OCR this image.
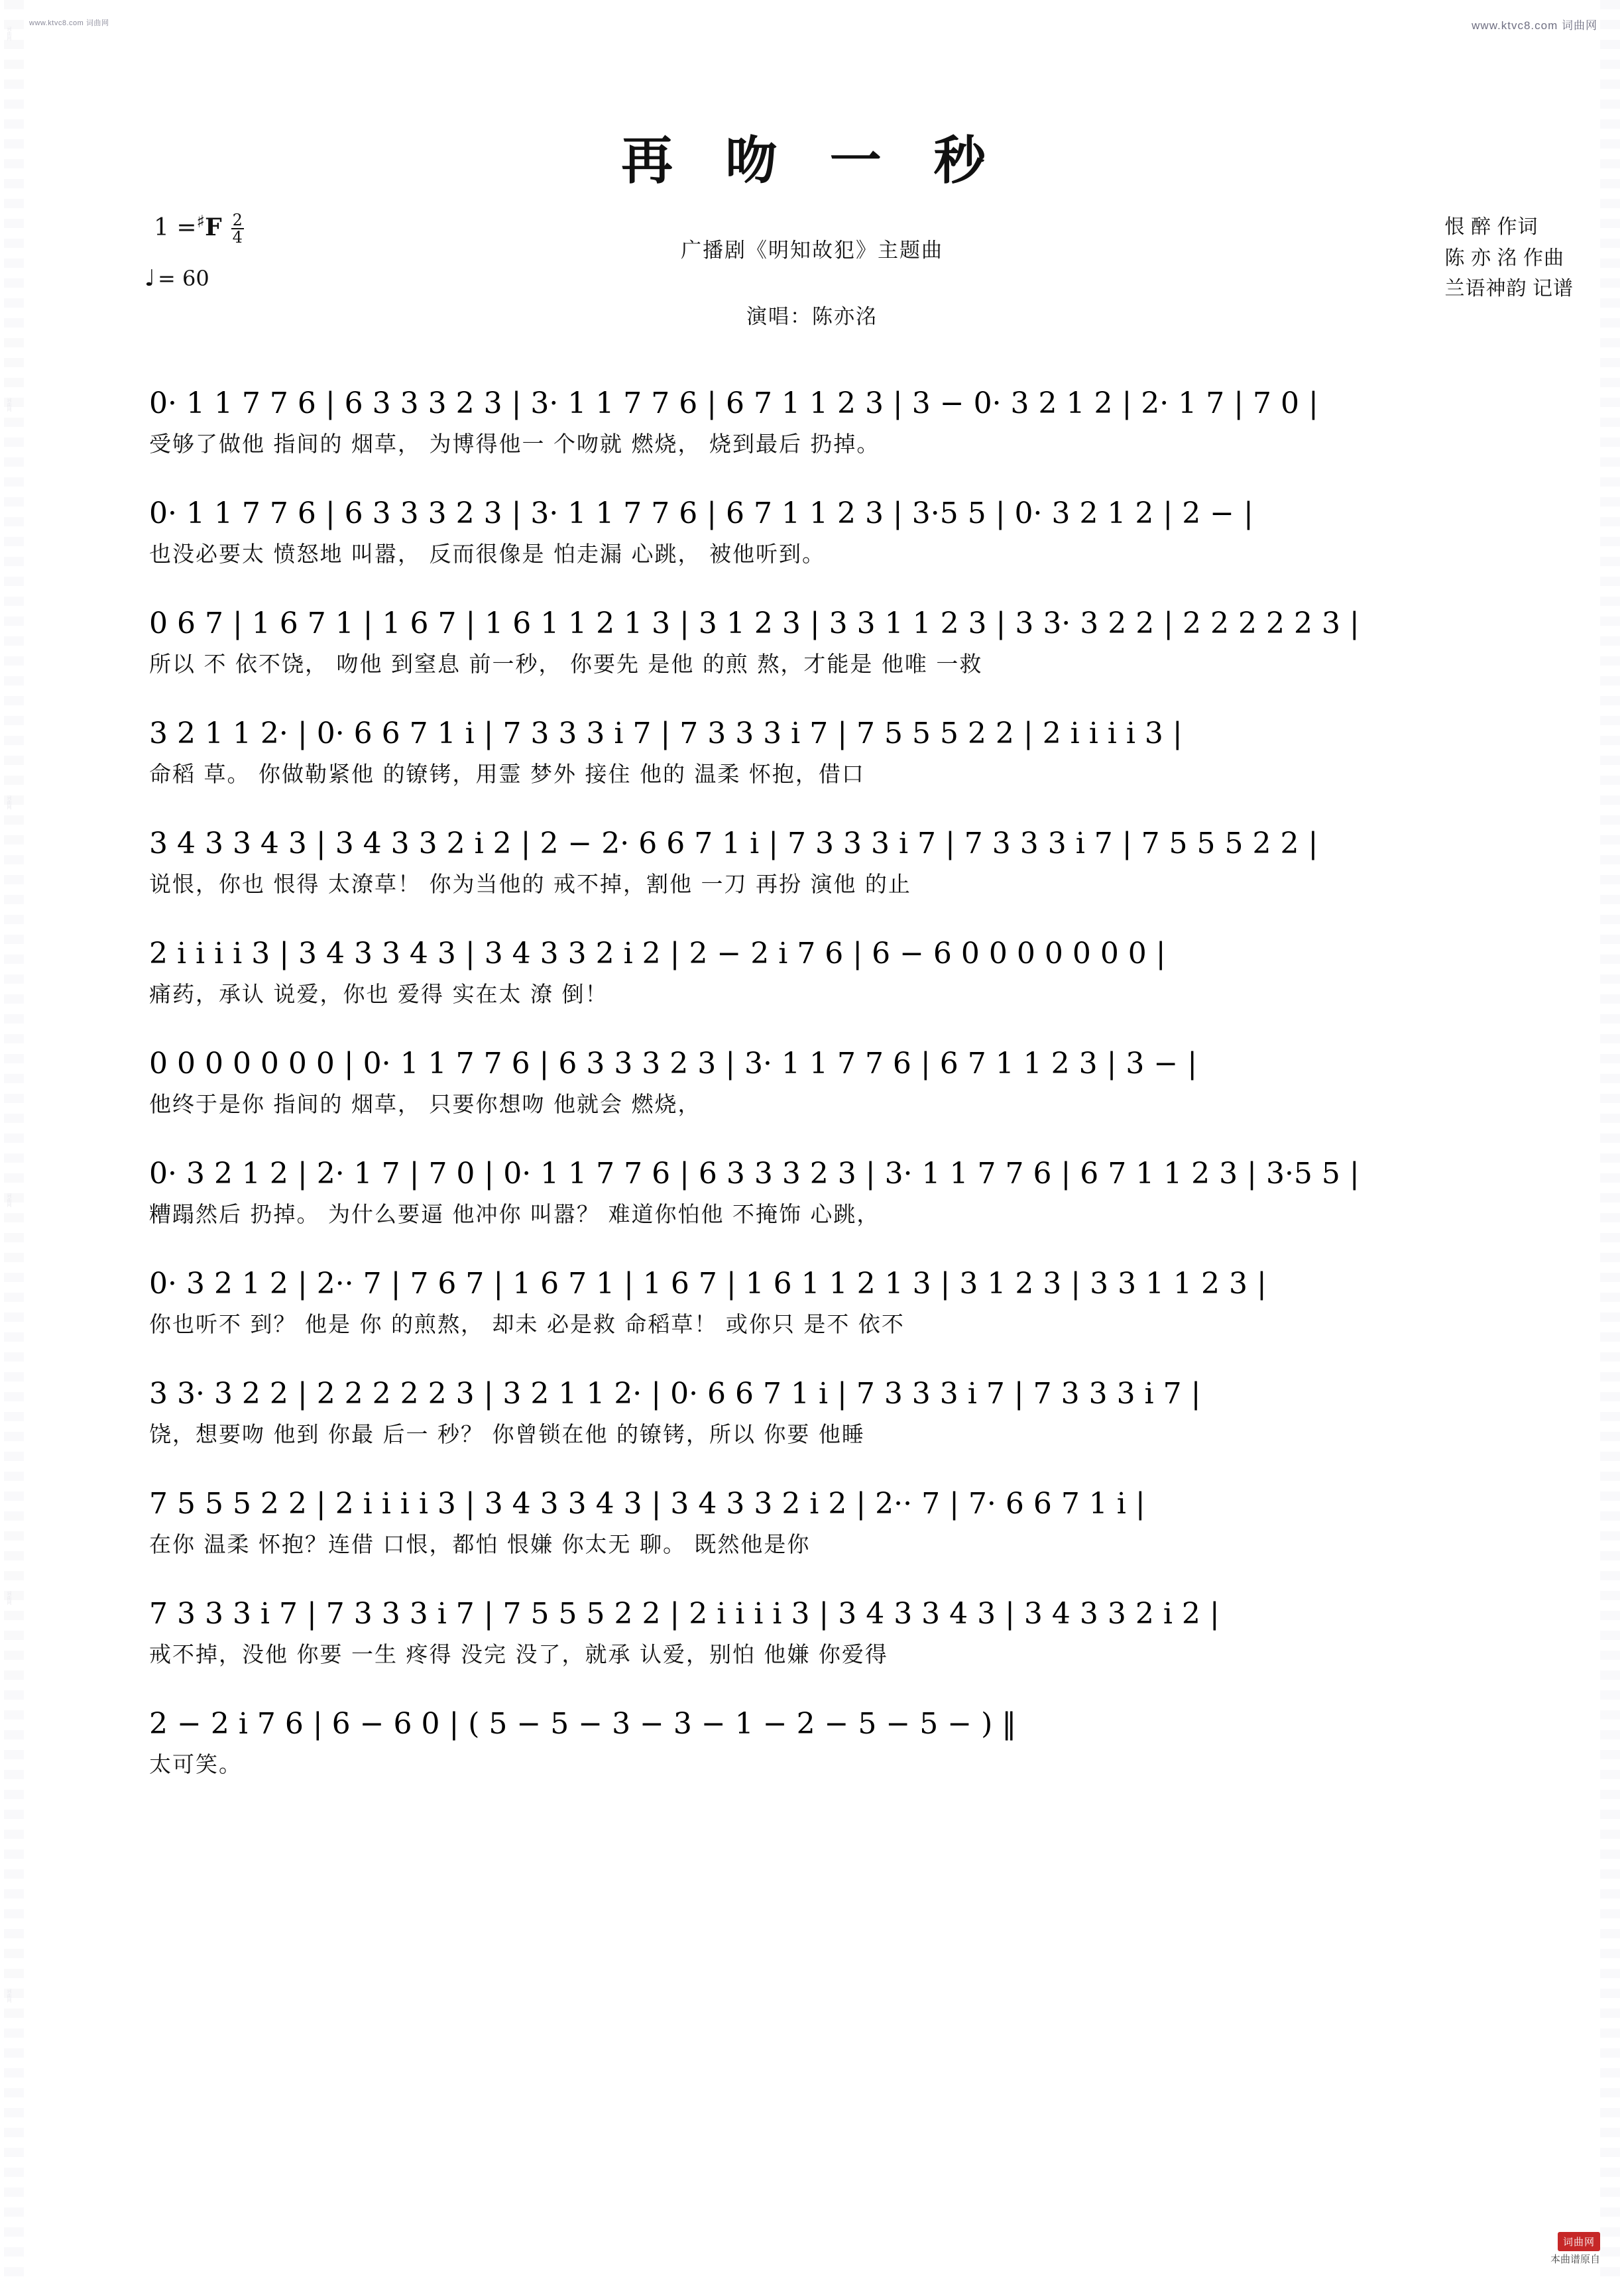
词曲网
词曲网
词曲网
词曲网
词曲网
词曲网
www.ktvc8.com 词曲网	www.ktvc8.com 词曲网
再 吻 一 秒
广播剧《明知故犯》主题曲
演唱：陈亦洺
1 = ♯ F $\frac{2}{4}$
♩ = 60
恨 醉 作词
陈 亦 洺 作曲
兰语神韵 记谱
0· 1 1 7 7 6 | 6 3 3 3 2 3 | 3· 1 1 7 7 6 | 6 7 1 1 2 3 | 3 − 0· 3 2 1 2 | 2· 1 7 | 7 0 |
受够了做他 指间的 烟草， 为博得他一 个吻就 燃烧， 烧到最后 扔掉。
0· 1 1 7 7 6 | 6 3 3 3 2 3 | 3· 1 1 7 7 6 | 6 7 1 1 2 3 | 3·5 5 | 0· 3 2 1 2 | 2 − |
也没必要太 愤怒地 叫嚣， 反而很像是 怕走漏 心跳， 被他听到。
0 6 7 | 1 6 7 1 | 1 6 7 | 1 6 1 1 2 1 3 | 3 1 2 3 | 3 3 1 1 2 3 | 3 3· 3 2 2 | 2 2 2 2 2 3 |
所以 不 依不饶， 吻他 到窒息 前一秒， 你要先 是他 的煎 熬，才能是 他唯 一救
3 2 1 1 2· | 0· 6 6 7 1 i | 7 3 3 3 i 7 | 7 3 3 3 i 7 | 7 5 5 5 2 2 | 2 i i i i 3 |
命稻 草。 你做勒紧他 的镣铐，用霊 梦外 接住 他的 温柔 怀抱，借口
3 4 3 3 4 3 | 3 4 3 3 2 i 2 | 2 − 2· 6 6 7 1 i | 7 3 3 3 i 7 | 7 3 3 3 i 7 | 7 5 5 5 2 2 |
说恨，你也 恨得 太潦草！ 你为当他的 戒不掉，割他 一刀 再扮 演他 的止
2 i i i i 3 | 3 4 3 3 4 3 | 3 4 3 3 2 i 2 | 2 − 2 i 7 6 | 6 − 6 0 0 0 0 0 0 0 |
痛药，承认 说爱，你也 爱得 实在太 潦 倒！
0 0 0 0 0 0 0 | 0· 1 1 7 7 6 | 6 3 3 3 2 3 | 3· 1 1 7 7 6 | 6 7 1 1 2 3 | 3 − |
他终于是你 指间的 烟草， 只要你想吻 他就会 燃烧，
0· 3 2 1 2 | 2· 1 7 | 7 0 | 0· 1 1 7 7 6 | 6 3 3 3 2 3 | 3· 1 1 7 7 6 | 6 7 1 1 2 3 | 3·5 5 |
糟蹋然后 扔掉。 为什么要逼 他冲你 叫嚣？ 难道你怕他 不掩饰 心跳，
0· 3 2 1 2 | 2·· 7 | 7 6 7 | 1 6 7 1 | 1 6 7 | 1 6 1 1 2 1 3 | 3 1 2 3 | 3 3 1 1 2 3 |
你也听不 到？ 他是 你 的煎熬， 却未 必是救 命稻草！ 或你只 是不 依不
3 3· 3 2 2 | 2 2 2 2 2 3 | 3 2 1 1 2· | 0· 6 6 7 1 i | 7 3 3 3 i 7 | 7 3 3 3 i 7 |
饶，想要吻 他到 你最 后一 秒？ 你曾锁在他 的镣铐，所以 你要 他睡
7 5 5 5 2 2 | 2 i i i i 3 | 3 4 3 3 4 3 | 3 4 3 3 2 i 2 | 2·· 7 | 7· 6 6 7 1 i |
在你 温柔 怀抱？连借 口恨，都怕 恨嫌 你太无 聊。 既然他是你
7 3 3 3 i 7 | 7 3 3 3 i 7 | 7 5 5 5 2 2 | 2 i i i i 3 | 3 4 3 3 4 3 | 3 4 3 3 2 i 2 |
戒不掉，没他 你要 一生 疼得 没完 没了，就承 认爱，别怕 他嫌 你爱得
2 − 2 i 7 6 | 6 − 6 0 | ( 5 − 5 − 3 − 3 − 1 − 2 − 5 − 5 − ) ‖
太可笑。
词曲网
本曲谱原自
